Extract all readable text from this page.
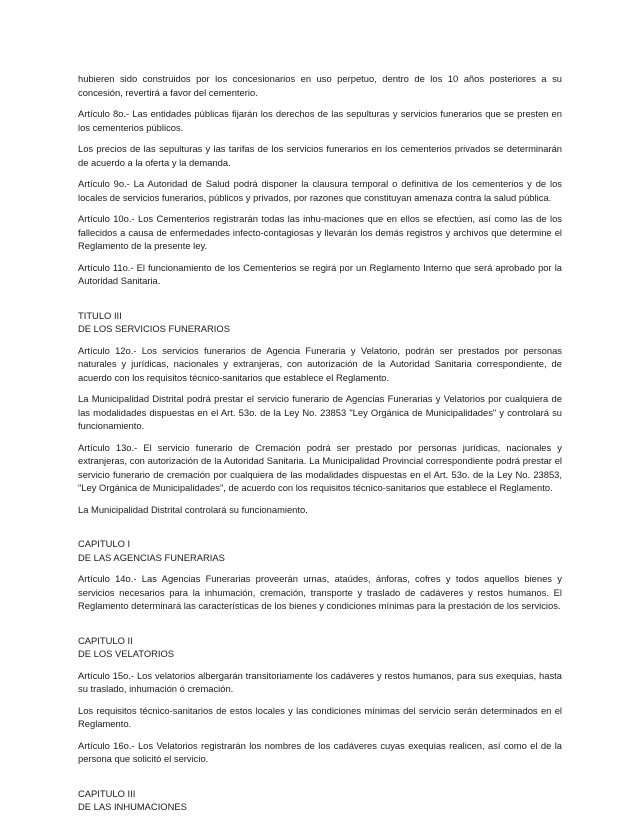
hubieren sido construidos por los concesionarios en uso perpetuo, dentro de los 10 años posteriores a su concesión, revertirá a favor del cementerio.

Artículo 8o.- Las entidades públicas fijarán los derechos de las sepulturas y servicios funerarios que se presten en los cementerios públicos.

Los precios de las sepulturas y las tarifas de los servicios funerarios en los cementerios privados se determinarán de acuerdo a la oferta y la demanda.

Artículo 9o.- La Autoridad de Salud podrá disponer la clausura temporal o definitiva de los cementerios y de los locales de servicios funerarios, públicos y privados, por razones que constituyan amenaza contra la salud pública.

Artículo 10o.- Los Cementerios registrarán todas las inhu-maciones que en ellos se efectúen, así como las de los fallecidos a causa de enfermedades infecto-contagiosas y llevarán los demás registros y archivos que determine el Reglamento de la presente ley.

Artículo 11o.- El funcionamiento de los Cementerios se regirá por un Reglamento Interno que será aprobado por la Autoridad Sanitaria.

TITULO III
DE LOS SERVICIOS FUNERARIOS

Artículo 12o.- Los servicios funerarios de Agencia Funeraria y Velatorio, podrán ser prestados por personas naturales y jurídicas, nacionales y extranjeras, con autorización de la Autoridad Sanitaria correspondiente, de acuerdo con los requisitos técnico-sanitarios que establece el Reglamento.

La Municipalidad Distrital podrá prestar el servicio funerario de Agencias Funerarias y Velatorios por cualquiera de las modalidades dispuestas en el Art. 53o. de la Ley No. 23853 "Ley Orgánica de Municipalidades" y controlará su funcionamiento.

Artículo 13o.- El servicio funerario de Cremación podrá ser prestado por personas jurídicas, nacionales y extranjeras, con autorización de la Autoridad Sanitaria. La Municipalidad Provincial correspondiente podrá prestar el servicio funerario de cremación por cualquiera de las modalidades dispuestas en el Art. 53o. de la Ley No. 23853, "Ley Orgánica de Municipalidades", de acuerdo con los requisitos técnico-sanitarios que establece el Reglamento.

La Municipalidad Distrital controlará su funcionamiento.

CAPITULO I
DE LAS AGENCIAS FUNERARIAS

Artículo 14o.- Las Agencias Funerarias proveerán urnas, ataúdes, ánforas, cofres y todos aquellos bienes y servicios necesarios para la inhumación, cremación, transporte y traslado de cadáveres y restos humanos. El Reglamento determinará las características de los bienes y condiciones mínimas para la prestación de los servicios.

CAPITULO II
DE LOS VELATORIOS

Artículo 15o.- Los velatorios albergarán transitoriamente los cadáveres y restos humanos, para sus exequias, hasta su traslado, inhumación ó cremación.

Los requisitos técnico-sanitarios de estos locales y las condiciones mínimas del servicio serán determinados en el Reglamento.

Artículo 16o.- Los Velatorios registrarán los nombres de los cadáveres cuyas exequias realicen, así como el de la persona que solicitó el servicio.

CAPITULO III
DE LAS INHUMACIONES
